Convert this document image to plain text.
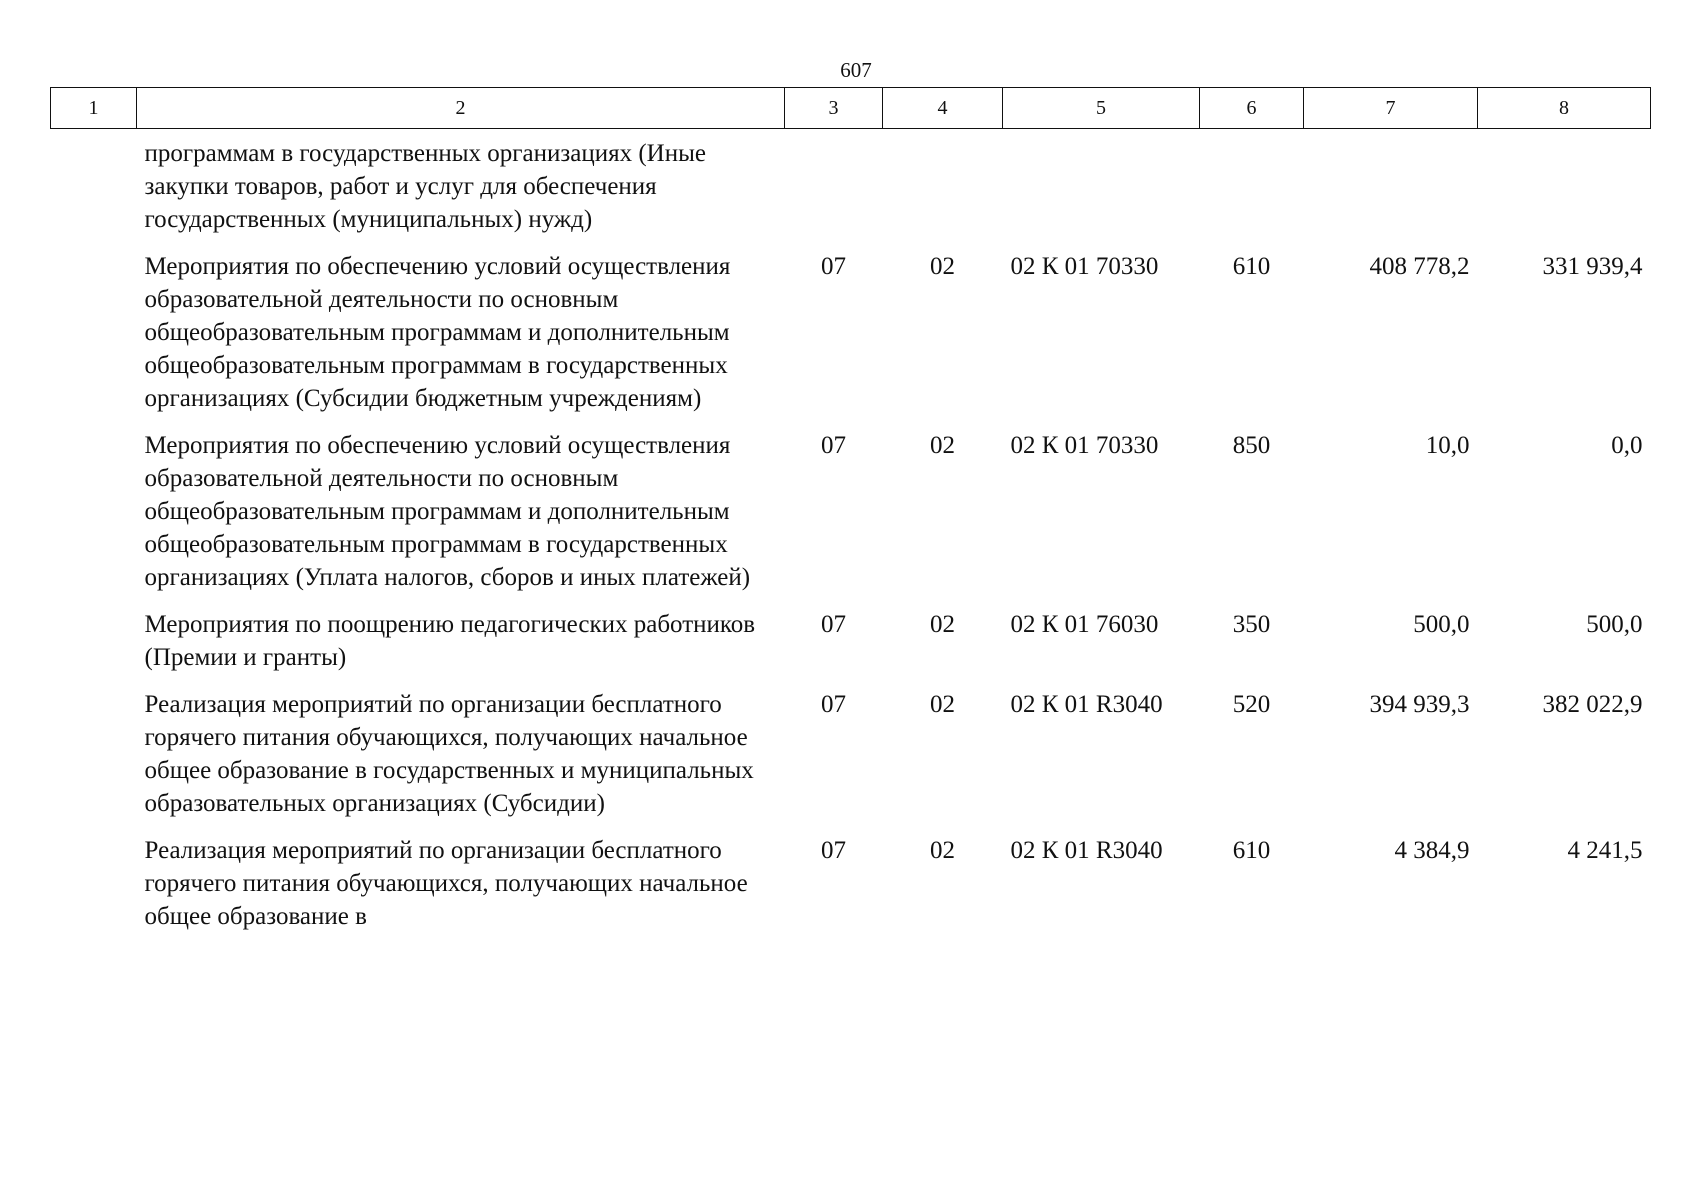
607
1	2	3	4	5	6	7	8
	программам в государственных организациях (Иные закупки товаров, работ и услуг для обеспечения государственных (муниципальных) нужд)						
	Мероприятия по обеспечению условий осуществления образовательной деятельности по основным общеобразовательным программам и дополнительным общеобразовательным программам в государственных организациях (Субсидии бюджетным учреждениям)	07	02	02 К 01 70330	610	408 778,2	331 939,4
	Мероприятия по обеспечению условий осуществления образовательной деятельности по основным общеобразовательным программам и дополнительным общеобразовательным программам в государственных организациях (Уплата налогов, сборов и иных платежей)	07	02	02 К 01 70330	850	10,0	0,0
	Мероприятия по поощрению педагогических работников (Премии и гранты)	07	02	02 К 01 76030	350	500,0	500,0
	Реализация мероприятий по организации бесплатного горячего питания обучающихся, получающих начальное общее образование в государственных и муниципальных образовательных организациях (Субсидии)	07	02	02 К 01 R3040	520	394 939,3	382 022,9
	Реализация мероприятий по организации бесплатного горячего питания обучающихся, получающих начальное общее образование в	07	02	02 К 01 R3040	610	4 384,9	4 241,5
